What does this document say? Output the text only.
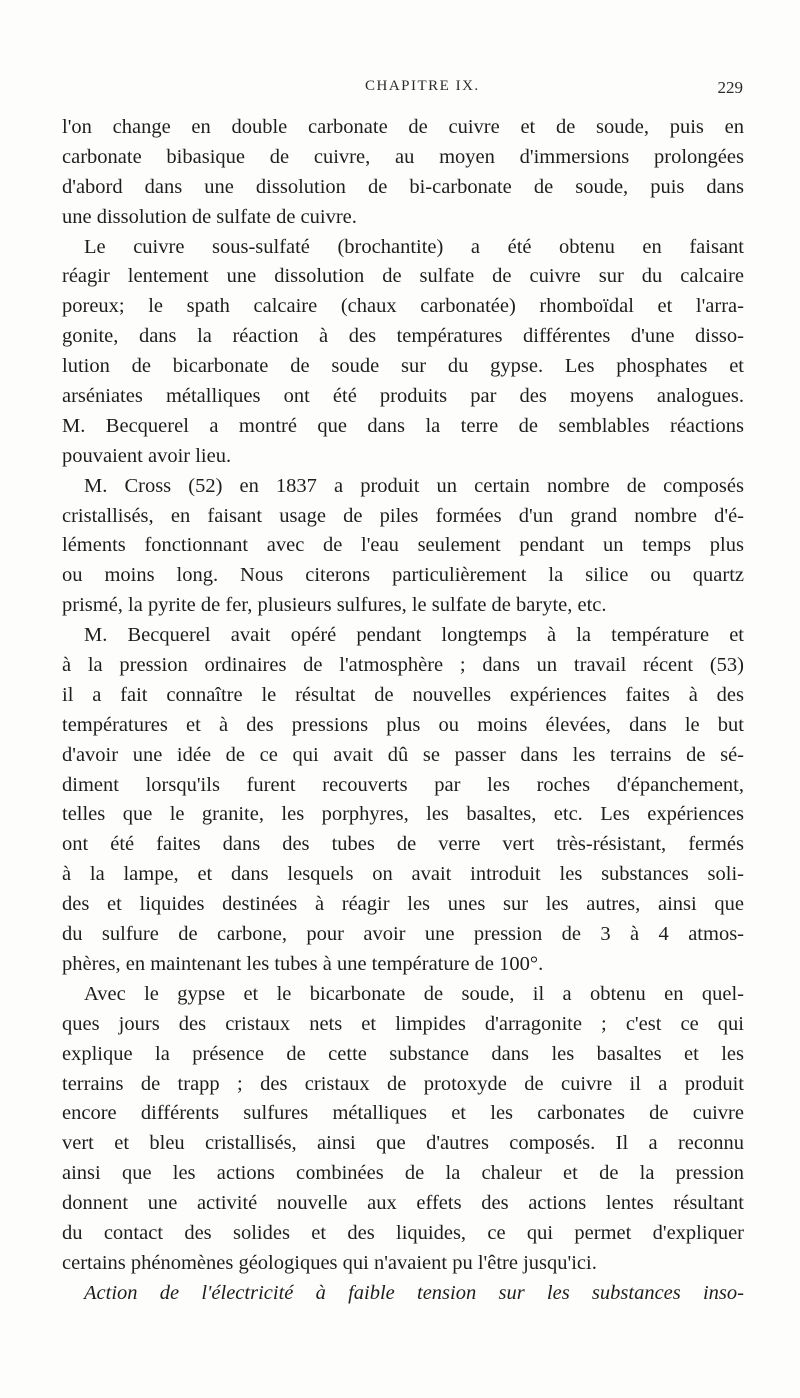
CHAPITRE IX.	229
l'on change en double carbonate de cuivre et de soude, puis en
carbonate bibasique de cuivre, au moyen d'immersions prolongées
d'abord dans une dissolution de bi-carbonate de soude, puis dans
une dissolution de sulfate de cuivre.
Le cuivre sous-sulfaté (brochantite) a été obtenu en faisant
réagir lentement une dissolution de sulfate de cuivre sur du calcaire
poreux; le spath calcaire (chaux carbonatée) rhomboïdal et l'arra-
gonite, dans la réaction à des températures différentes d'une disso-
lution de bicarbonate de soude sur du gypse. Les phosphates et
arséniates métalliques ont été produits par des moyens analogues.
M. Becquerel a montré que dans la terre de semblables réactions
pouvaient avoir lieu.
M. Cross (52) en 1837 a produit un certain nombre de composés
cristallisés, en faisant usage de piles formées d'un grand nombre d'é-
léments fonctionnant avec de l'eau seulement pendant un temps plus
ou moins long. Nous citerons particulièrement la silice ou quartz
prismé, la pyrite de fer, plusieurs sulfures, le sulfate de baryte, etc.
M. Becquerel avait opéré pendant longtemps à la température et
à la pression ordinaires de l'atmosphère ; dans un travail récent (53)
il a fait connaître le résultat de nouvelles expériences faites à des
températures et à des pressions plus ou moins élevées, dans le but
d'avoir une idée de ce qui avait dû se passer dans les terrains de sé-
diment lorsqu'ils furent recouverts par les roches d'épanchement,
telles que le granite, les porphyres, les basaltes, etc. Les expériences
ont été faites dans des tubes de verre vert très-résistant, fermés
à la lampe, et dans lesquels on avait introduit les substances soli-
des et liquides destinées à réagir les unes sur les autres, ainsi que
du sulfure de carbone, pour avoir une pression de 3 à 4 atmos-
phères, en maintenant les tubes à une température de 100°.
Avec le gypse et le bicarbonate de soude, il a obtenu en quel-
ques jours des cristaux nets et limpides d'arragonite ; c'est ce qui
explique la présence de cette substance dans les basaltes et les
terrains de trapp ; des cristaux de protoxyde de cuivre il a produit
encore différents sulfures métalliques et les carbonates de cuivre
vert et bleu cristallisés, ainsi que d'autres composés. Il a reconnu
ainsi que les actions combinées de la chaleur et de la pression
donnent une activité nouvelle aux effets des actions lentes résultant
du contact des solides et des liquides, ce qui permet d'expliquer
certains phénomènes géologiques qui n'avaient pu l'être jusqu'ici.
Action de l'électricité à faible tension sur les substances inso-
